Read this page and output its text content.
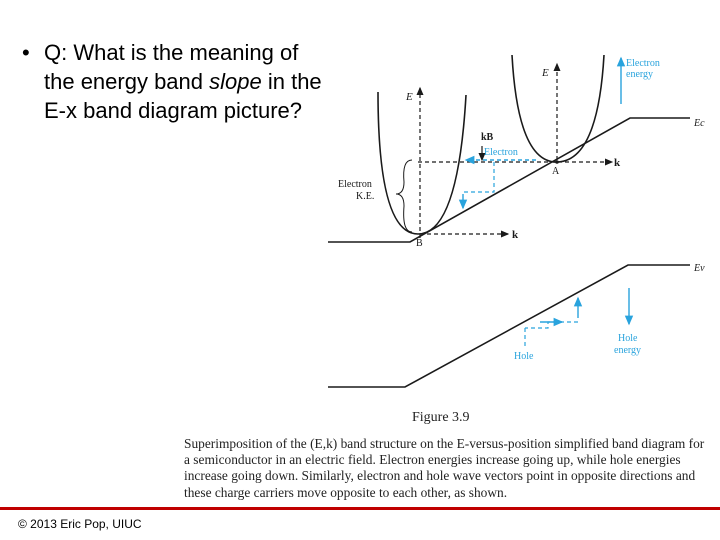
• Q: What is the meaning of the energy band slope in the E-x band diagram picture?
E
E
k
k
kB
A
B
Electron
K.E.
Electron
energy
Electron
Ec
Ev
Hole
Hole
energy
Figure 3.9
Superimposition of the (E,k) band structure on the E-versus-position simplified band diagram for a semiconductor in an electric field. Electron energies increase going up, while hole energies increase going down. Similarly, electron and hole wave vectors point in opposite directions and these charge carriers move opposite to each other, as shown.
© 2013 Eric Pop, UIUC
